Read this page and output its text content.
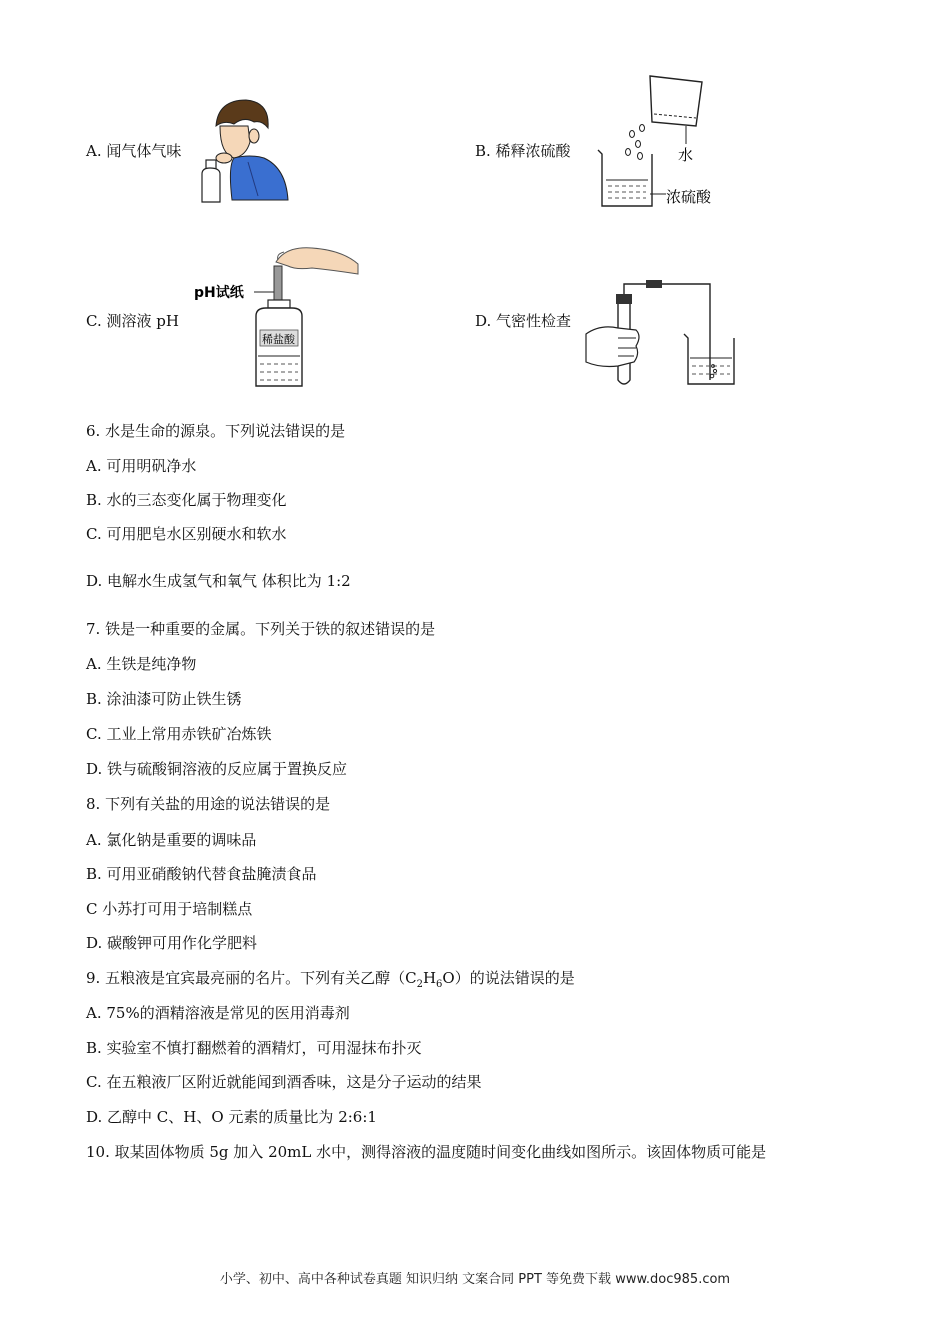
A. 闻气体气味	B. 稀释浓硫酸	水
浓硫酸
C. 测溶液 pH	D. 气密性检查
pH试纸
稀盐酸
6. 水是生命的源泉。下列说法错误的是
A. 可用明矾净水
B. 水的三态变化属于物理变化
C. 可用肥皂水区别硬水和软水
D. 电解水生成氢气和氧气 体积比为 1:2
7. 铁是一种重要的金属。下列关于铁的叙述错误的是
A. 生铁是纯净物
B. 涂油漆可防止铁生锈
C. 工业上常用赤铁矿冶炼铁
D. 铁与硫酸铜溶液的反应属于置换反应
8. 下列有关盐的用途的说法错误的是
A. 氯化钠是重要的调味品
B. 可用亚硝酸钠代替食盐腌渍食品
C 小苏打可用于培制糕点
D. 碳酸钾可用作化学肥料
9. 五粮液是宜宾最亮丽的名片。下列有关乙醇$(C_2H_6O)$的说法错误的是
A. 75%的酒精溶液是常见的医用消毒剂
B. 实验室不慎打翻燃着的酒精灯，可用湿抹布扑灭
C. 在五粮液厂区附近就能闻到酒香味，这是分子运动的结果
D. 乙醇中 C、H、O 元素的质量比为 2:6:1
10. 取某固体物质 5g 加入 20mL 水中，测得溶液的温度随时间变化曲线如图所示。该固体物质可能是
小学、初中、高中各种试卷真题 知识归纳 文案合同 PPT 等免费下载 www.doc985.com
